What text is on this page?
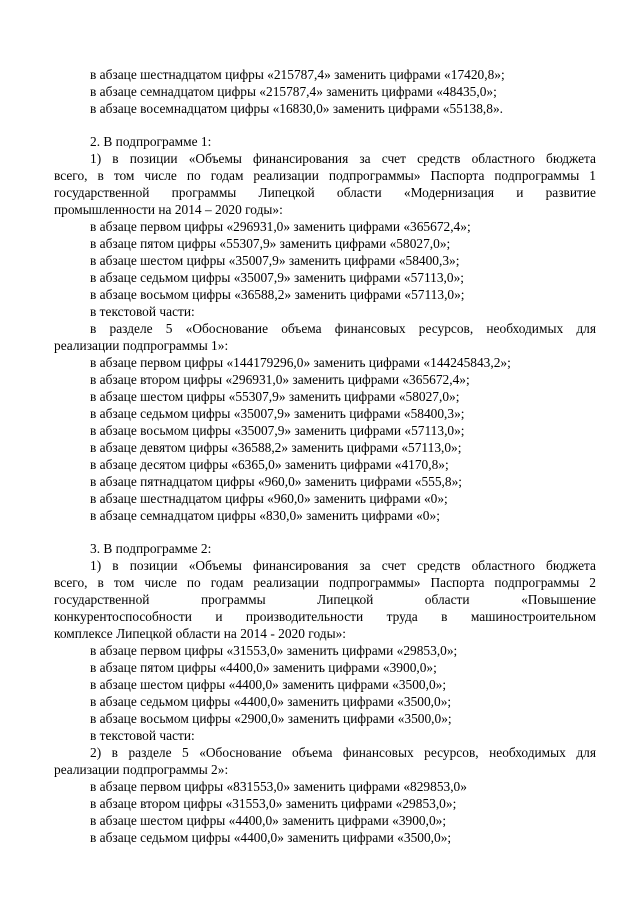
в абзаце шестнадцатом цифры «215787,4» заменить цифрами «17420,8»;
в абзаце семнадцатом цифры «215787,4» заменить цифрами «48435,0»;
в абзаце восемнадцатом цифры «16830,0» заменить цифрами «55138,8».
2. В подпрограмме 1:
1) в позиции «Объемы финансирования за счет средств областного бюджета
всего, в том числе по годам реализации подпрограммы» Паспорта подпрограммы 1
государственной программы Липецкой области «Модернизация и развитие
промышленности на 2014 – 2020 годы»:
в абзаце первом цифры «296931,0» заменить цифрами «365672,4»;
в абзаце пятом цифры «55307,9» заменить цифрами «58027,0»;
в абзаце шестом цифры «35007,9» заменить цифрами «58400,3»;
в абзаце седьмом цифры «35007,9» заменить цифрами «57113,0»;
в абзаце восьмом цифры «36588,2» заменить цифрами «57113,0»;
в текстовой части:
в разделе 5 «Обоснование объема финансовых ресурсов, необходимых для
реализации подпрограммы 1»:
в абзаце первом цифры «144179296,0» заменить цифрами «144245843,2»;
в абзаце втором цифры «296931,0» заменить цифрами «365672,4»;
в абзаце шестом цифры «55307,9» заменить цифрами «58027,0»;
в абзаце седьмом цифры «35007,9» заменить цифрами «58400,3»;
в абзаце восьмом цифры «35007,9» заменить цифрами «57113,0»;
в абзаце девятом цифры «36588,2» заменить цифрами «57113,0»;
в абзаце десятом цифры «6365,0» заменить цифрами «4170,8»;
в абзаце пятнадцатом цифры «960,0» заменить цифрами «555,8»;
в абзаце шестнадцатом цифры «960,0» заменить цифрами «0»;
в абзаце семнадцатом цифры «830,0» заменить цифрами «0»;
3. В подпрограмме 2:
1) в позиции «Объемы финансирования за счет средств областного бюджета
всего, в том числе по годам реализации подпрограммы» Паспорта подпрограммы 2
государственной программы Липецкой области «Повышение
конкурентоспособности и производительности труда в машиностроительном
комплексе Липецкой области на 2014 - 2020 годы»:
в абзаце первом цифры «31553,0» заменить цифрами «29853,0»;
в абзаце пятом цифры «4400,0» заменить цифрами «3900,0»;
в абзаце шестом цифры «4400,0» заменить цифрами «3500,0»;
в абзаце седьмом цифры «4400,0» заменить цифрами «3500,0»;
в абзаце восьмом цифры «2900,0» заменить цифрами «3500,0»;
в текстовой части:
2) в разделе 5 «Обоснование объема финансовых ресурсов, необходимых для
реализации подпрограммы 2»:
в абзаце первом цифры «831553,0» заменить цифрами «829853,0»
в абзаце втором цифры «31553,0» заменить цифрами «29853,0»;
в абзаце шестом цифры «4400,0» заменить цифрами «3900,0»;
в абзаце седьмом цифры «4400,0» заменить цифрами «3500,0»;
